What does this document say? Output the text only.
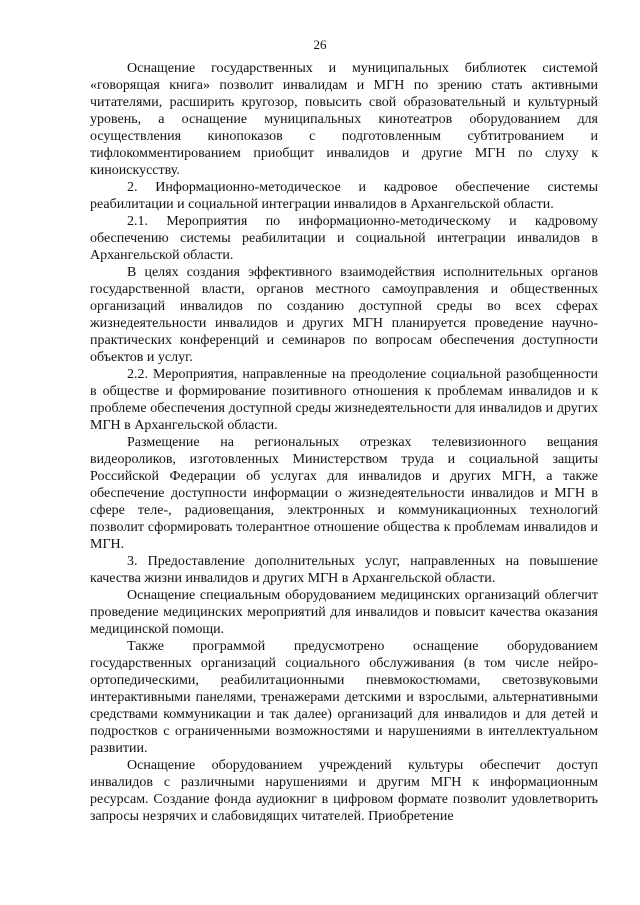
26

Оснащение государственных и муниципальных библиотек системой «говорящая книга» позволит инвалидам и МГН по зрению стать активными читателями, расширить кругозор, повысить свой образовательный и культурный уровень, а оснащение муниципальных кинотеатров оборудованием для осуществления кинопоказов с подготовленным субтитрованием и тифлокомментированием приобщит инвалидов и другие МГН по слуху к киноискусству.

2. Информационно-методическое и кадровое обеспечение системы реабилитации и социальной интеграции инвалидов в Архангельской области.

2.1. Мероприятия по информационно-методическому и кадровому обеспечению системы реабилитации и социальной интеграции инвалидов в Архангельской области.

В целях создания эффективного взаимодействия исполнительных органов государственной власти, органов местного самоуправления и общественных организаций инвалидов по созданию доступной среды во всех сферах жизнедеятельности инвалидов и других МГН планируется проведение научно-практических конференций и семинаров по вопросам обеспечения доступности объектов и услуг.

2.2. Мероприятия, направленные на преодоление социальной разобщенности в обществе и формирование позитивного отношения к проблемам инвалидов и к проблеме обеспечения доступной среды жизнедеятельности для инвалидов и других МГН в Архангельской области.

Размещение на региональных отрезках телевизионного вещания видеороликов, изготовленных Министерством труда и социальной защиты Российской Федерации об услугах для инвалидов и других МГН, а также обеспечение доступности информации о жизнедеятельности инвалидов и МГН в сфере теле-, радиовещания, электронных и коммуникационных технологий позволит сформировать толерантное отношение общества к проблемам инвалидов и МГН.

3. Предоставление дополнительных услуг, направленных на повышение качества жизни инвалидов и других МГН в Архангельской области.

Оснащение специальным оборудованием медицинских организаций облегчит проведение медицинских мероприятий для инвалидов и повысит качества оказания медицинской помощи.

Также программой предусмотрено оснащение оборудованием государственных организаций социального обслуживания (в том числе нейро-ортопедическими, реабилитационными пневмокостюмами, светозвуковыми интерактивными панелями, тренажерами детскими и взрослыми, альтернативными средствами коммуникации и так далее) организаций для инвалидов и для детей и подростков с ограниченными возможностями и нарушениями в интеллектуальном развитии.

Оснащение оборудованием учреждений культуры обеспечит доступ инвалидов с различными нарушениями и другим МГН к информационным ресурсам. Создание фонда аудиокниг в цифровом формате позволит удовлетворить запросы незрячих и слабовидящих читателей. Приобретение
